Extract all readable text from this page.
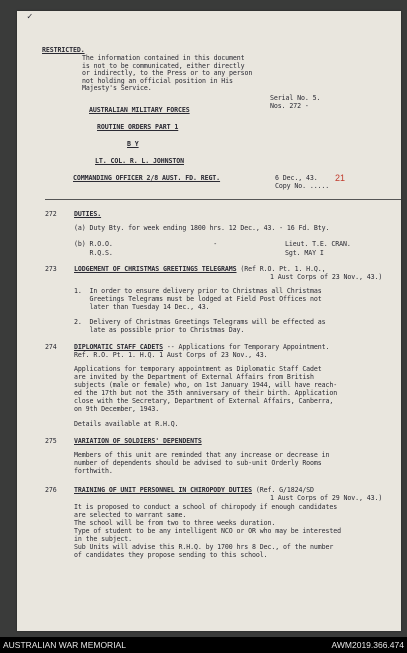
✓
RESTRICTED.
The information contained in this document
is not to be communicated, either directly
or indirectly, to the Press or to any person
not holding an official position in His
Majesty's Service.
Serial No. 5.
Nos. 272 -
AUSTRALIAN MILITARY FORCES
ROUTINE ORDERS PART 1
B Y
LT. COL. R. L. JOHNSTON
COMMANDING OFFICER 2/8 AUST. FD. REGT.	6 Dec., 43.
Copy No. .....
21
272	DUTIES.
(a) Duty Bty. for week ending 1800 hrs. 12 Dec., 43. - 16 Fd. Bty.
(b) R.O.O.                          -	Lieut. T.E. CRAN.
R.Q.S.	Sgt. MAY I
273	LODGEMENT OF CHRISTMAS GREETINGS TELEGRAMS (Ref R.O. Pt. 1. H.Q.,
1 Aust Corps of 23 Nov., 43.)
1.  In order to ensure delivery prior to Christmas all Christmas
Greetings Telegrams must be lodged at Field Post Offices not
later than Tuesday 14 Dec., 43.
2.  Delivery of Christmas Greetings Telegrams will be effected as
late as possible prior to Christmas Day.
274	DIPLOMATIC STAFF CADETS -- Applications for Temporary Appointment.
Ref. R.O. Pt. 1. H.Q. 1 Aust Corps of 23 Nov., 43.
Applications for temporary appointment as Diplomatic Staff Cadet
are invited by the Department of External Affairs from British
subjects (male or female) who, on 1st January 1944, will have reach-
ed the 17th but not the 35th anniversary of their birth. Application
close with the Secretary, Department of External Affairs, Canberra,
on 9th December, 1943.
Details available at R.H.Q.
275	VARIATION OF SOLDIERS' DEPENDENTS
Members of this unit are reminded that any increase or decrease in
number of dependents should be advised to sub-unit Orderly Rooms
forthwith.
276	TRAINING OF UNIT PERSONNEL IN CHIROPODY DUTIES (Ref. G/1824/SD
1 Aust Corps of 29 Nov., 43.)
It is proposed to conduct a school of chiropody if enough candidates
are selected to warrant same.
The school will be from two to three weeks duration.
Type of student to be any intelligent NCO or OR who may be interested
in the subject.
Sub Units will advise this R.H.Q. by 1700 hrs 8 Dec., of the number
of candidates they propose sending to this school.
AUSTRALIAN WAR MEMORIAL	AWM2019.366.474
